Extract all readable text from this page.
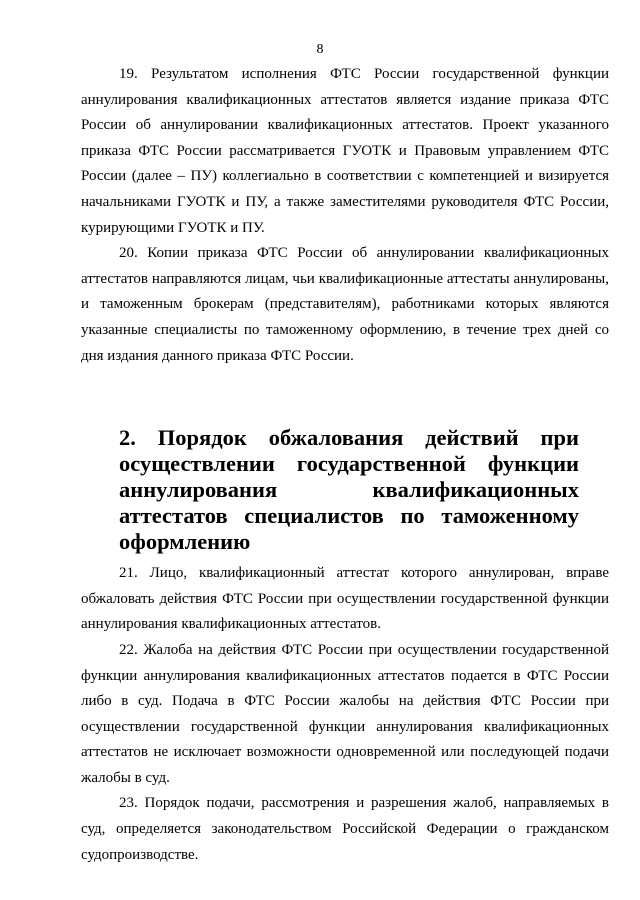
8

19. Результатом исполнения ФТС России государственной функции аннулирования квалификационных аттестатов является издание приказа ФТС России об аннулировании квалификационных аттестатов. Проект указанного приказа ФТС России рассматривается ГУОТК и Правовым управлением ФТС России (далее – ПУ) коллегиально в соответствии с компетенцией и визируется начальниками ГУОТК и ПУ, а также заместителями руководителя ФТС России, курирующими ГУОТК и ПУ.

20. Копии приказа ФТС России об аннулировании квалификационных аттестатов направляются лицам, чьи квалификационные аттестаты аннулированы, и таможенным брокерам (представителям), работниками которых являются указанные специалисты по таможенному оформлению, в течение трех дней со дня издания данного приказа ФТС России.

2. Порядок обжалования действий при осуществлении государственной функции аннулирования квалификационных аттестатов специалистов по таможенному оформлению

21. Лицо, квалификационный аттестат которого аннулирован, вправе обжаловать действия ФТС России при осуществлении государственной функции аннулирования квалификационных аттестатов.

22. Жалоба на действия ФТС России при осуществлении государственной функции аннулирования квалификационных аттестатов подается в ФТС России либо в суд. Подача в ФТС России жалобы на действия ФТС России при осуществлении государственной функции аннулирования квалификационных аттестатов не исключает возможности одновременной или последующей подачи жалобы в суд.

23. Порядок подачи, рассмотрения и разрешения жалоб, направляемых в суд, определяется законодательством Российской Федерации о гражданском судопроизводстве.
